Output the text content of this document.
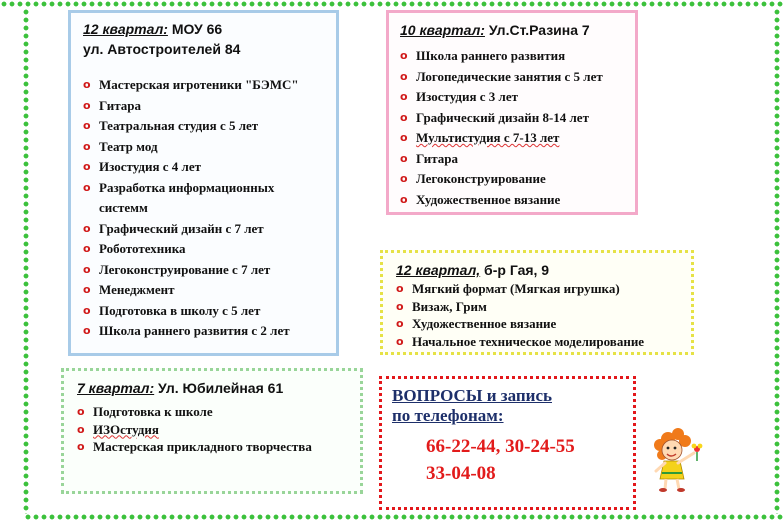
12 квартал: МОУ 66

ул. Автостроителей 84

o Мастерская игротеники "БЭМС"
o Гитара
o Театральная студия с 5 лет
o Театр мод
o Изостудия с 4 лет
o Разработка информационных
системм
o Графический дизайн с 7 лет
o Робототехника
o Легоконструирование с 7 лет
o Менеджмент
o Подготовка в школу с 5 лет
o Школа раннего развития с 2 лет

10 квартал: Ул.Ст.Разина 7

o Школа раннего развития
o Логопедические занятия с 5 лет
o Изостудия с 3 лет
o Графический дизайн 8-14 лет
o Мультистудия с 7-13 лет
o Гитара
o Легоконструирование
o Художественное вязание

12 квартал, б-р Гая, 9

o Мягкий формат (Мягкая игрушка)
o Визаж, Грим
o Художественное вязание
o Начальное техническое моделирование

7 квартал: Ул. Юбилейная 61

o Подготовка к школе
o ИЗОстудия
o Мастерская прикладного творчества

ВОПРОСЫ и запись

по телефонам:

66-22-44, 30-24-55

33-04-08
